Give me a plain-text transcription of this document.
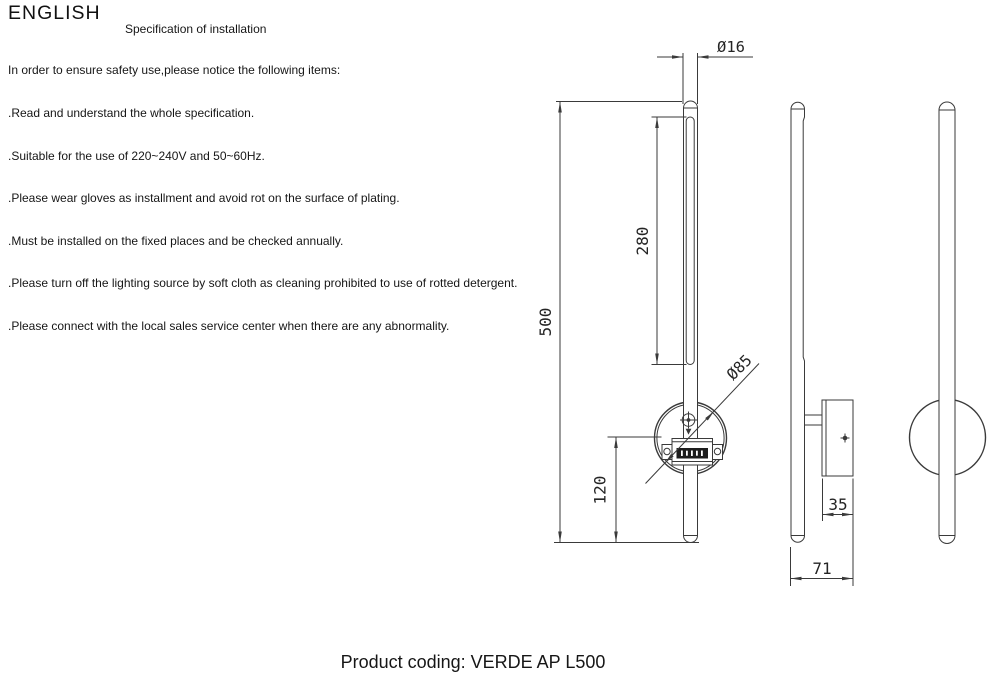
ENGLISH
Specification of installation

In order to ensure safety use,please notice the following items:

.Read and understand the whole specification.

.Suitable for the use of 220~240V and 50~60Hz.

.Please wear gloves as installment and avoid rot on the surface of plating.

.Must be installed on the fixed places and be checked annually.

.Please turn off the lighting source by soft cloth as cleaning prohibited to use of rotted detergent.

.Please connect with the local sales service center when there are any abnormality.

Ø16
500
280
120
Ø85
35
71
Product coding: VERDE AP L500
